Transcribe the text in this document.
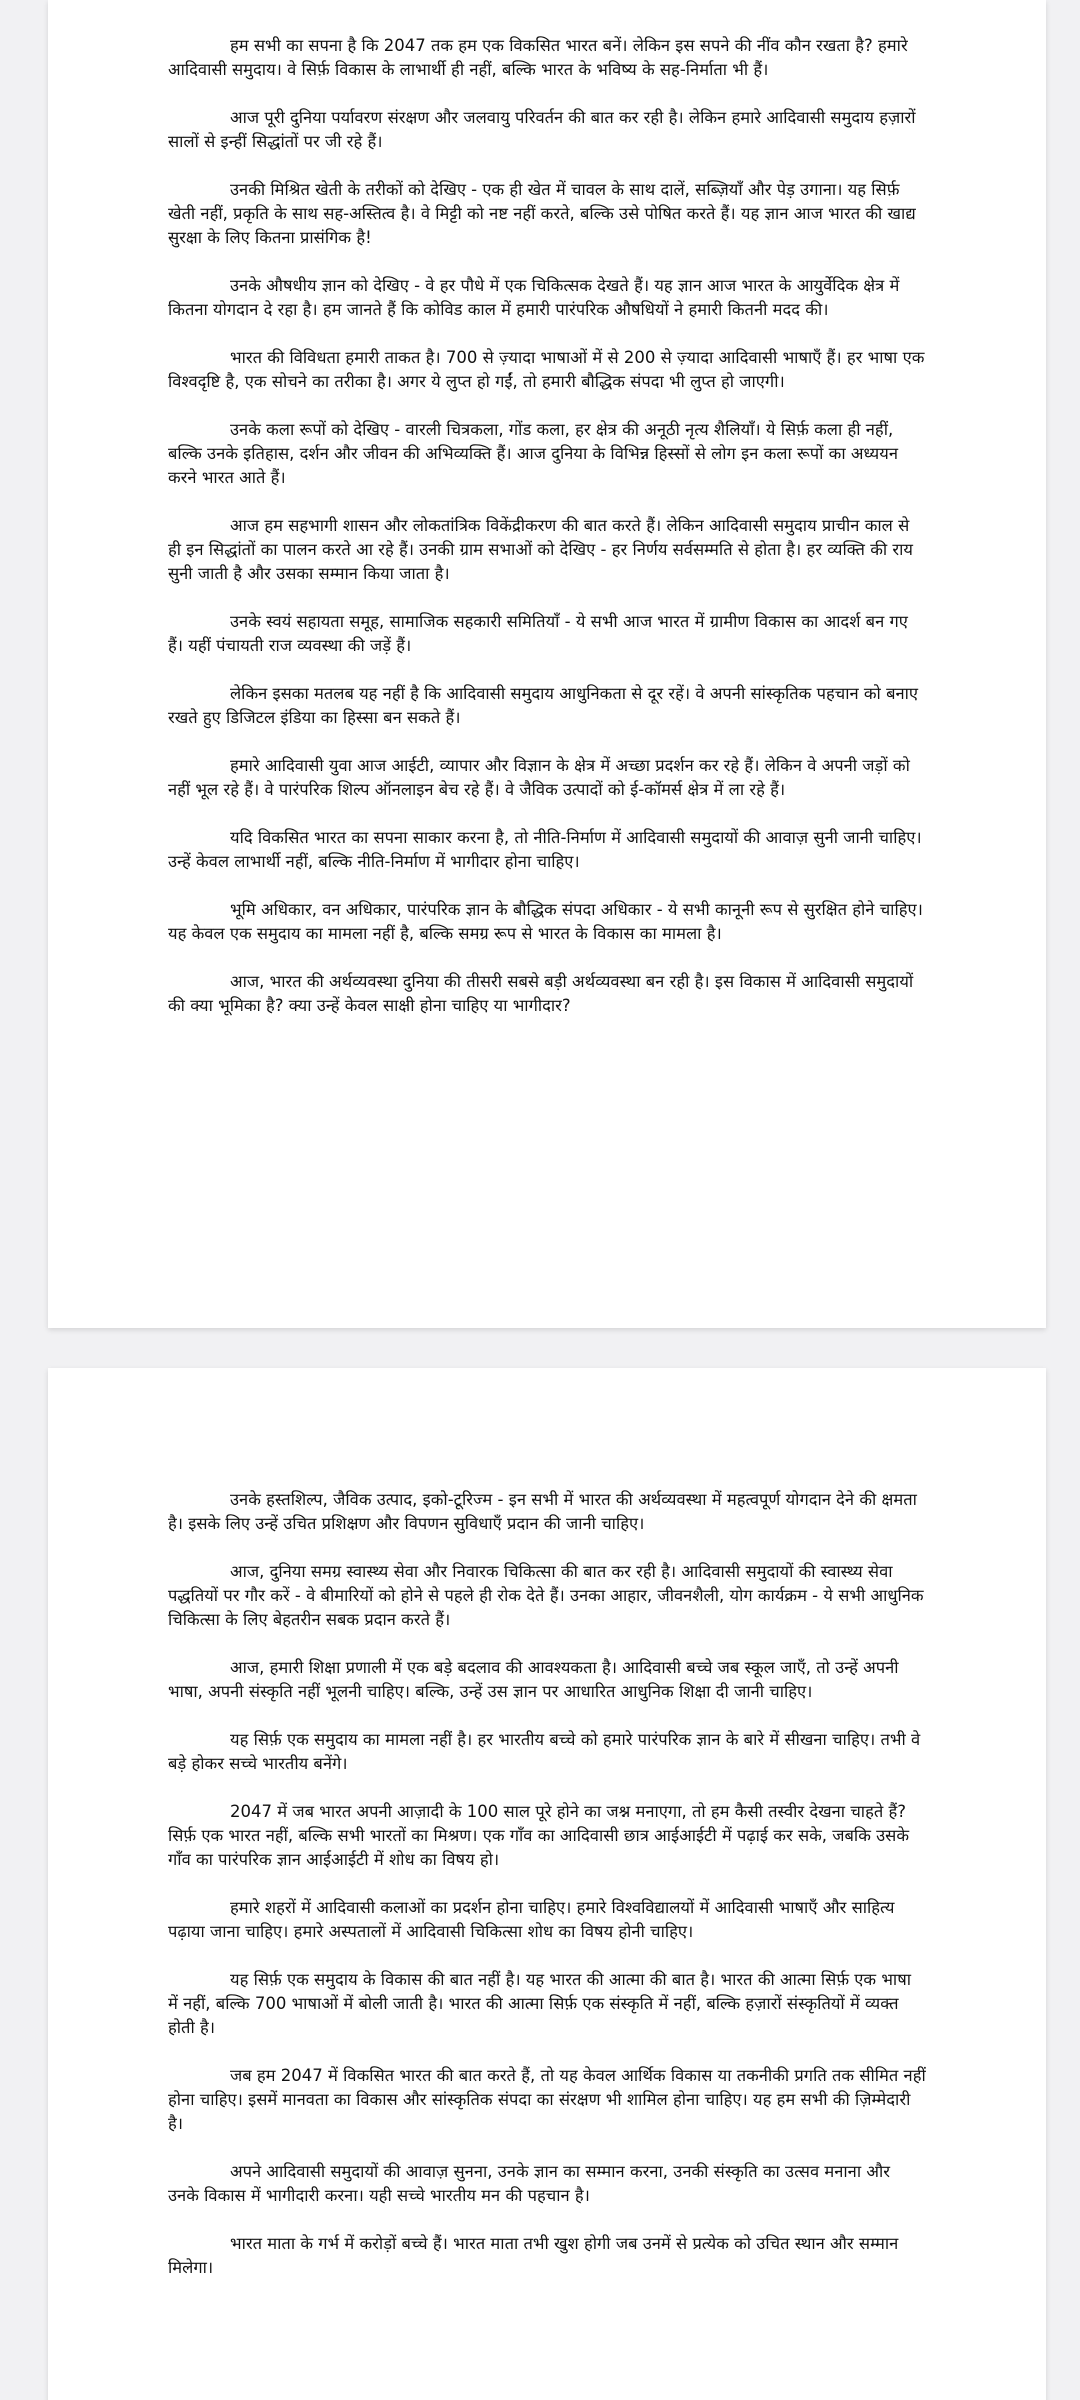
हम सभी का सपना है कि 2047 तक हम एक विकसित भारत बनें। लेकिन इस सपने की नींव कौन रखता है? हमारे आदिवासी समुदाय। वे सिर्फ़ विकास के लाभार्थी ही नहीं, बल्कि भारत के भविष्य के सह-निर्माता भी हैं।

आज पूरी दुनिया पर्यावरण संरक्षण और जलवायु परिवर्तन की बात कर रही है। लेकिन हमारे आदिवासी समुदाय हज़ारों सालों से इन्हीं सिद्धांतों पर जी रहे हैं।

उनकी मिश्रित खेती के तरीकों को देखिए - एक ही खेत में चावल के साथ दालें, सब्ज़ियाँ और पेड़ उगाना। यह सिर्फ़ खेती नहीं, प्रकृति के साथ सह-अस्तित्व है। वे मिट्टी को नष्ट नहीं करते, बल्कि उसे पोषित करते हैं। यह ज्ञान आज भारत की खाद्य सुरक्षा के लिए कितना प्रासंगिक है!

उनके औषधीय ज्ञान को देखिए - वे हर पौधे में एक चिकित्सक देखते हैं। यह ज्ञान आज भारत के आयुर्वेदिक क्षेत्र में कितना योगदान दे रहा है। हम जानते हैं कि कोविड काल में हमारी पारंपरिक औषधियों ने हमारी कितनी मदद की।

भारत की विविधता हमारी ताकत है। 700 से ज़्यादा भाषाओं में से 200 से ज़्यादा आदिवासी भाषाएँ हैं। हर भाषा एक विश्वदृष्टि है, एक सोचने का तरीका है। अगर ये लुप्त हो गईं, तो हमारी बौद्धिक संपदा भी लुप्त हो जाएगी।

उनके कला रूपों को देखिए - वारली चित्रकला, गोंड कला, हर क्षेत्र की अनूठी नृत्य शैलियाँ। ये सिर्फ़ कला ही नहीं, बल्कि उनके इतिहास, दर्शन और जीवन की अभिव्यक्ति हैं। आज दुनिया के विभिन्न हिस्सों से लोग इन कला रूपों का अध्ययन करने भारत आते हैं।

आज हम सहभागी शासन और लोकतांत्रिक विकेंद्रीकरण की बात करते हैं। लेकिन आदिवासी समुदाय प्राचीन काल से ही इन सिद्धांतों का पालन करते आ रहे हैं। उनकी ग्राम सभाओं को देखिए - हर निर्णय सर्वसम्मति से होता है। हर व्यक्ति की राय सुनी जाती है और उसका सम्मान किया जाता है।

उनके स्वयं सहायता समूह, सामाजिक सहकारी समितियाँ - ये सभी आज भारत में ग्रामीण विकास का आदर्श बन गए हैं। यहीं पंचायती राज व्यवस्था की जड़ें हैं।

लेकिन इसका मतलब यह नहीं है कि आदिवासी समुदाय आधुनिकता से दूर रहें। वे अपनी सांस्कृतिक पहचान को बनाए रखते हुए डिजिटल इंडिया का हिस्सा बन सकते हैं।

हमारे आदिवासी युवा आज आईटी, व्यापार और विज्ञान के क्षेत्र में अच्छा प्रदर्शन कर रहे हैं। लेकिन वे अपनी जड़ों को नहीं भूल रहे हैं। वे पारंपरिक शिल्प ऑनलाइन बेच रहे हैं। वे जैविक उत्पादों को ई-कॉमर्स क्षेत्र में ला रहे हैं।

यदि विकसित भारत का सपना साकार करना है, तो नीति-निर्माण में आदिवासी समुदायों की आवाज़ सुनी जानी चाहिए। उन्हें केवल लाभार्थी नहीं, बल्कि नीति-निर्माण में भागीदार होना चाहिए।

भूमि अधिकार, वन अधिकार, पारंपरिक ज्ञान के बौद्धिक संपदा अधिकार - ये सभी कानूनी रूप से सुरक्षित होने चाहिए। यह केवल एक समुदाय का मामला नहीं है, बल्कि समग्र रूप से भारत के विकास का मामला है।

आज, भारत की अर्थव्यवस्था दुनिया की तीसरी सबसे बड़ी अर्थव्यवस्था बन रही है। इस विकास में आदिवासी समुदायों की क्या भूमिका है? क्या उन्हें केवल साक्षी होना चाहिए या भागीदार?

उनके हस्तशिल्प, जैविक उत्पाद, इको-टूरिज्म - इन सभी में भारत की अर्थव्यवस्था में महत्वपूर्ण योगदान देने की क्षमता है। इसके लिए उन्हें उचित प्रशिक्षण और विपणन सुविधाएँ प्रदान की जानी चाहिए।

आज, दुनिया समग्र स्वास्थ्य सेवा और निवारक चिकित्सा की बात कर रही है। आदिवासी समुदायों की स्वास्थ्य सेवा पद्धतियों पर गौर करें - वे बीमारियों को होने से पहले ही रोक देते हैं। उनका आहार, जीवनशैली, योग कार्यक्रम - ये सभी आधुनिक चिकित्सा के लिए बेहतरीन सबक प्रदान करते हैं।

आज, हमारी शिक्षा प्रणाली में एक बड़े बदलाव की आवश्यकता है। आदिवासी बच्चे जब स्कूल जाएँ, तो उन्हें अपनी भाषा, अपनी संस्कृति नहीं भूलनी चाहिए। बल्कि, उन्हें उस ज्ञान पर आधारित आधुनिक शिक्षा दी जानी चाहिए।

यह सिर्फ़ एक समुदाय का मामला नहीं है। हर भारतीय बच्चे को हमारे पारंपरिक ज्ञान के बारे में सीखना चाहिए। तभी वे बड़े होकर सच्चे भारतीय बनेंगे।

2047 में जब भारत अपनी आज़ादी के 100 साल पूरे होने का जश्न मनाएगा, तो हम कैसी तस्वीर देखना चाहते हैं? सिर्फ़ एक भारत नहीं, बल्कि सभी भारतों का मिश्रण। एक गाँव का आदिवासी छात्र आईआईटी में पढ़ाई कर सके, जबकि उसके गाँव का पारंपरिक ज्ञान आईआईटी में शोध का विषय हो।

हमारे शहरों में आदिवासी कलाओं का प्रदर्शन होना चाहिए। हमारे विश्वविद्यालयों में आदिवासी भाषाएँ और साहित्य पढ़ाया जाना चाहिए। हमारे अस्पतालों में आदिवासी चिकित्सा शोध का विषय होनी चाहिए।

यह सिर्फ़ एक समुदाय के विकास की बात नहीं है। यह भारत की आत्मा की बात है। भारत की आत्मा सिर्फ़ एक भाषा में नहीं, बल्कि 700 भाषाओं में बोली जाती है। भारत की आत्मा सिर्फ़ एक संस्कृति में नहीं, बल्कि हज़ारों संस्कृतियों में व्यक्त होती है।

जब हम 2047 में विकसित भारत की बात करते हैं, तो यह केवल आर्थिक विकास या तकनीकी प्रगति तक सीमित नहीं होना चाहिए। इसमें मानवता का विकास और सांस्कृतिक संपदा का संरक्षण भी शामिल होना चाहिए। यह हम सभी की ज़िम्मेदारी है।

अपने आदिवासी समुदायों की आवाज़ सुनना, उनके ज्ञान का सम्मान करना, उनकी संस्कृति का उत्सव मनाना और उनके विकास में भागीदारी करना। यही सच्चे भारतीय मन की पहचान है।

भारत माता के गर्भ में करोड़ों बच्चे हैं। भारत माता तभी खुश होगी जब उनमें से प्रत्येक को उचित स्थान और सम्मान मिलेगा।
